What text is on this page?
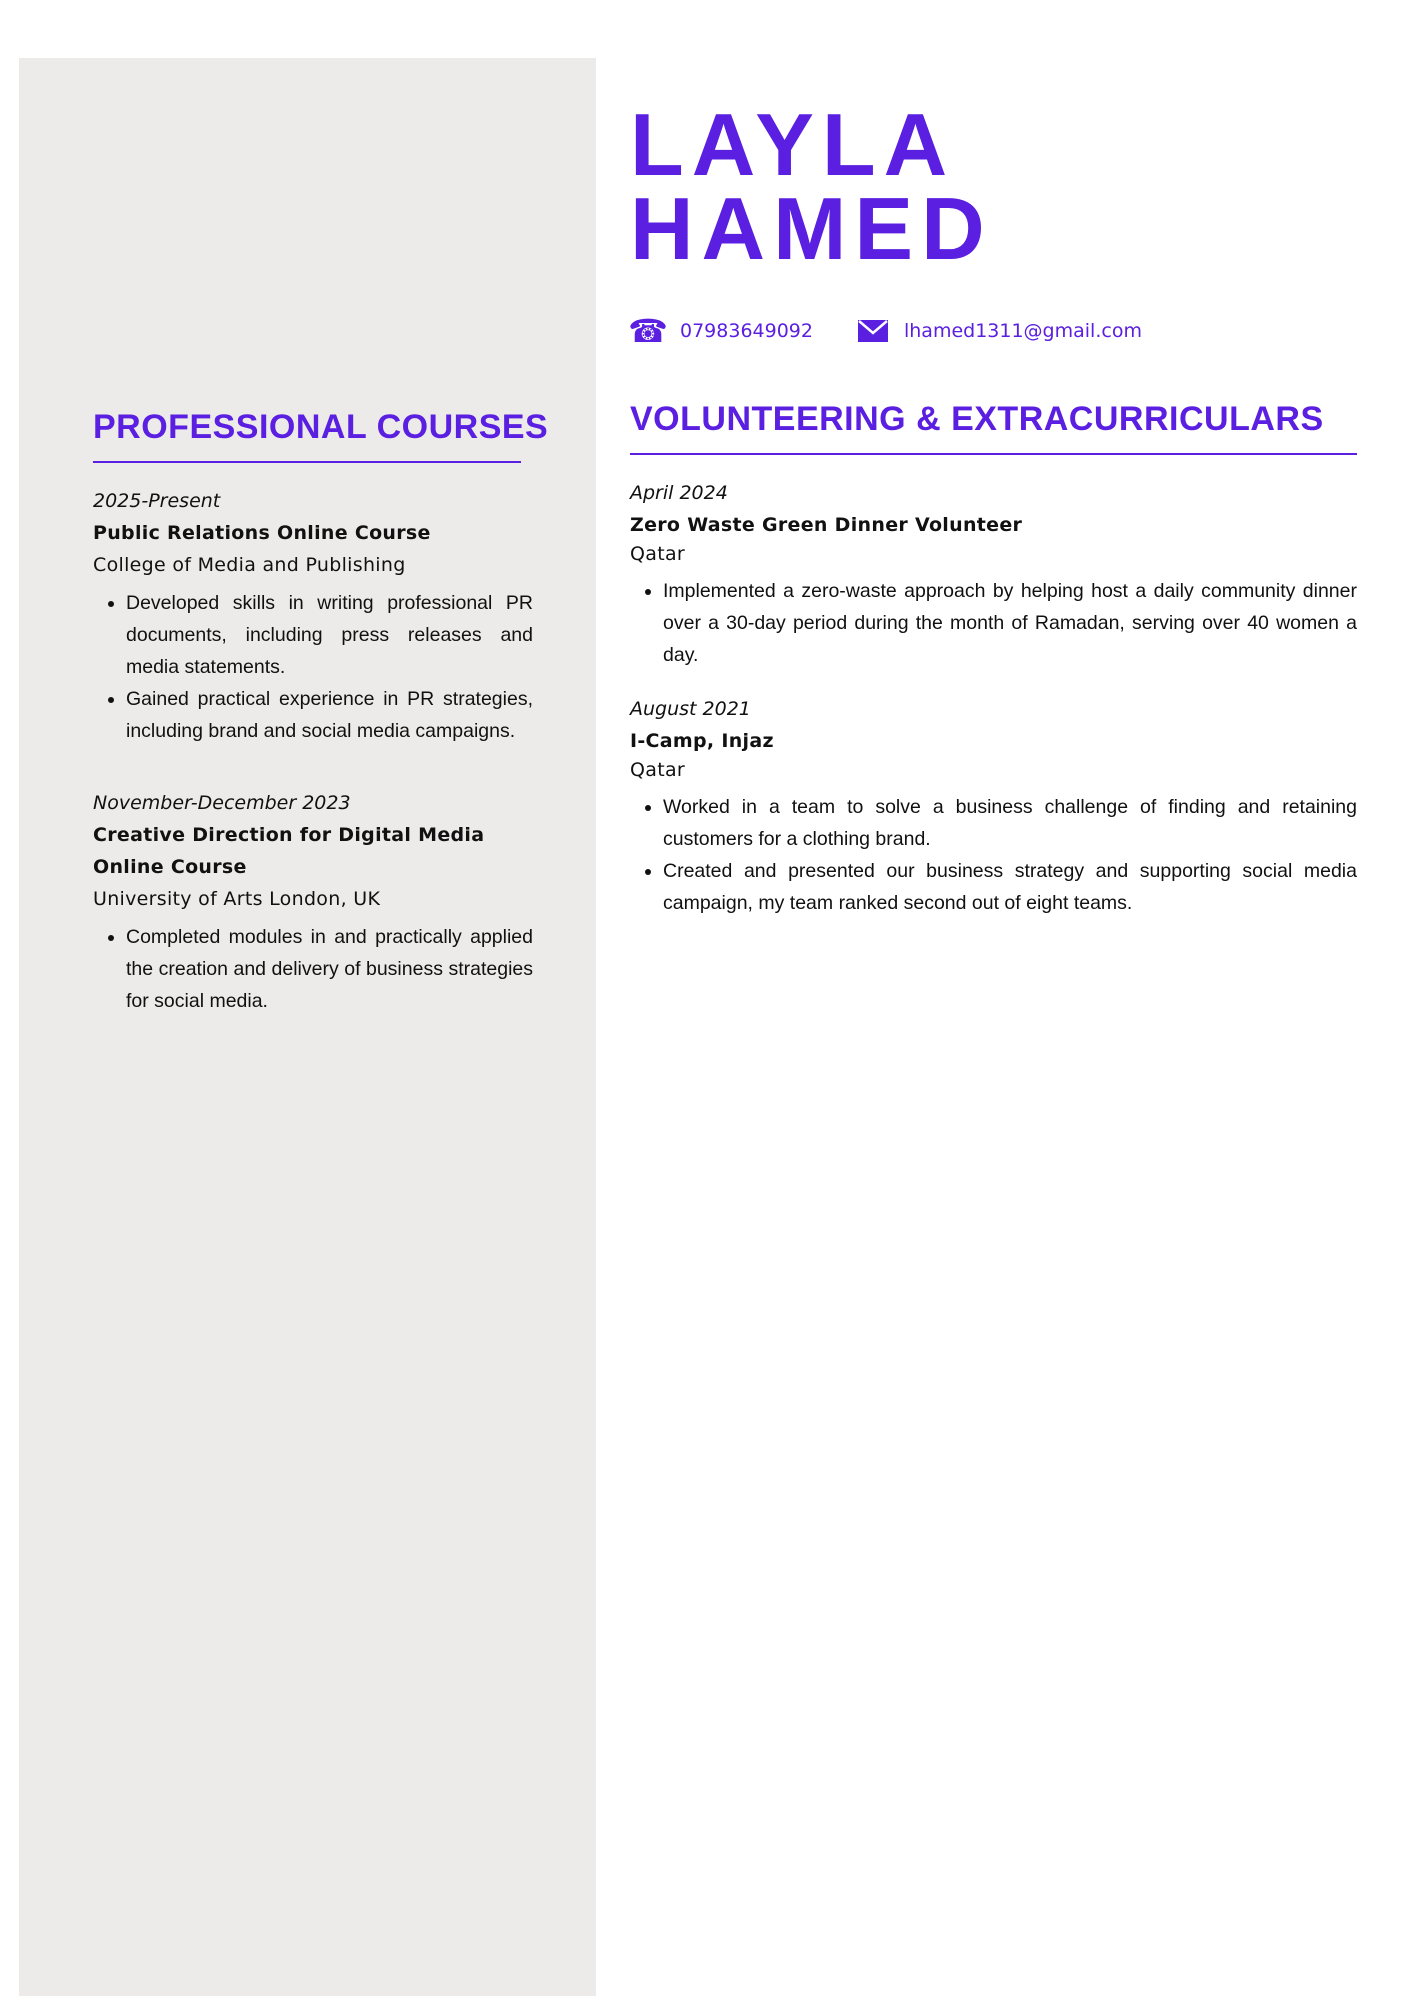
LAYLA
HAMED
☎ 07983649092	lhamed1311@gmail.com
PROFESSIONAL COURSES
2025-Present
Public Relations Online Course
College of Media and Publishing
• Developed skills in writing professional PR documents, including press releases and media statements.
• Gained practical experience in PR strategies, including brand and social media campaigns.
November-December 2023
Creative Direction for Digital Media
Online Course
University of Arts London, UK
• Completed modules in and practically applied the creation and delivery of business strategies for social media.
VOLUNTEERING & EXTRACURRICULARS
April 2024
Zero Waste Green Dinner Volunteer
Qatar
• Implemented a zero-waste approach by helping host a daily community dinner over a 30-day period during the month of Ramadan, serving over 40 women a day.
August 2021
I-Camp, Injaz
Qatar
• Worked in a team to solve a business challenge of finding and retaining customers for a clothing brand.
• Created and presented our business strategy and supporting social media campaign, my team ranked second out of eight teams.
